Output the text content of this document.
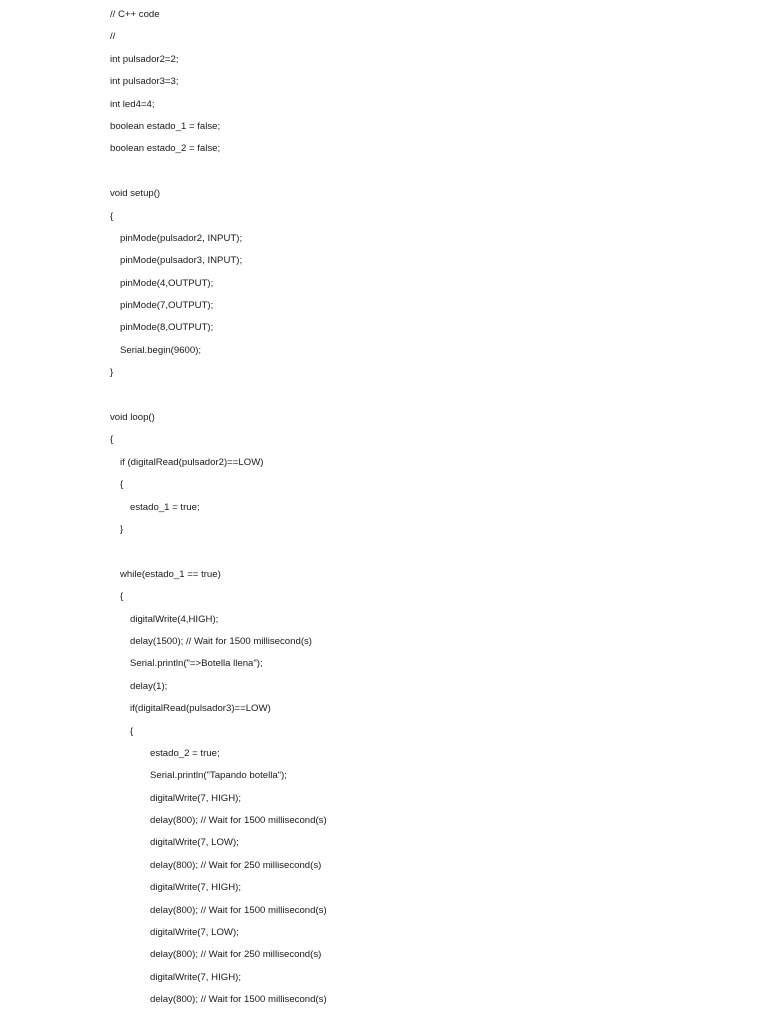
// C++ code
//
int pulsador2=2;
int pulsador3=3;
int led4=4;
boolean estado_1 = false;
boolean estado_2 = false;
void setup()
{
pinMode(pulsador2, INPUT);
pinMode(pulsador3, INPUT);
pinMode(4,OUTPUT);
pinMode(7,OUTPUT);
pinMode(8,OUTPUT);
Serial.begin(9600);
}
void loop()
{
if (digitalRead(pulsador2)==LOW)
{
estado_1 = true;
}
while(estado_1 == true)
{
digitalWrite(4,HIGH);
delay(1500); // Wait for 1500 millisecond(s)
Serial.println("=>Botella llena");
delay(1);
if(digitalRead(pulsador3)==LOW)
{
estado_2 = true;
Serial.println("Tapando botella");
digitalWrite(7, HIGH);
delay(800); // Wait for 1500 millisecond(s)
digitalWrite(7, LOW);
delay(800); // Wait for 250 millisecond(s)
digitalWrite(7, HIGH);
delay(800); // Wait for 1500 millisecond(s)
digitalWrite(7, LOW);
delay(800); // Wait for 250 millisecond(s)
digitalWrite(7, HIGH);
delay(800); // Wait for 1500 millisecond(s)
